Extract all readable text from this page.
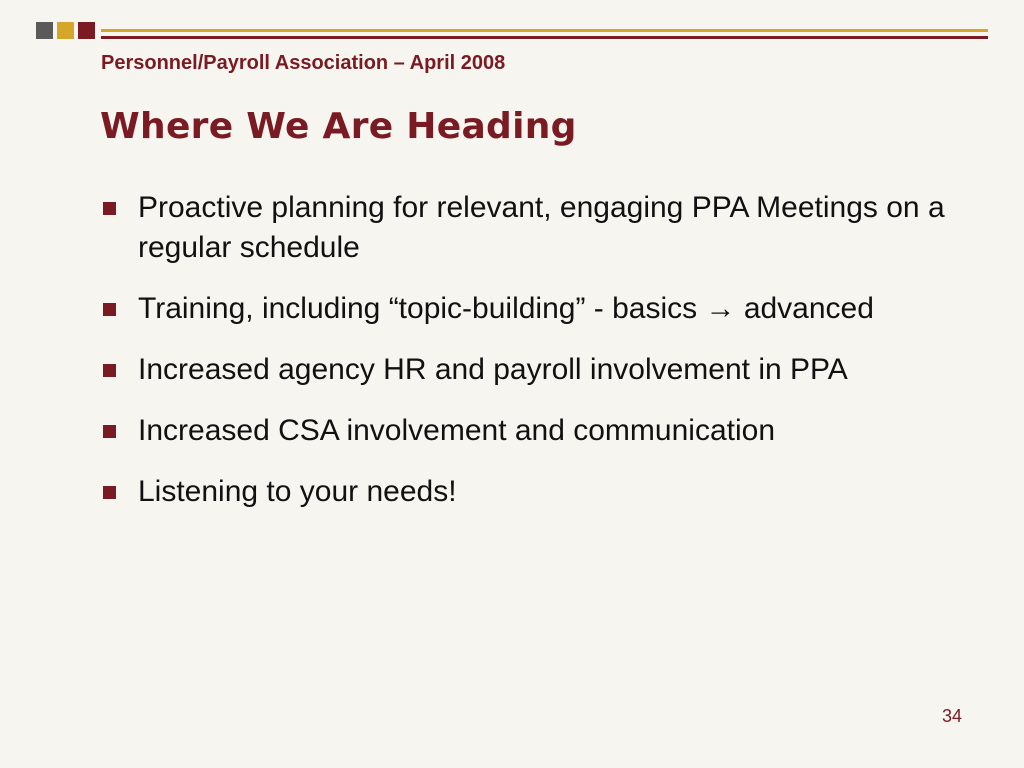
Personnel/Payroll Association – April 2008
Where We Are Heading
Proactive planning for relevant, engaging PPA Meetings on a regular schedule
Training, including “topic-building” - basics → advanced
Increased agency HR and payroll involvement in PPA
Increased CSA involvement and communication
Listening to your needs!
34
